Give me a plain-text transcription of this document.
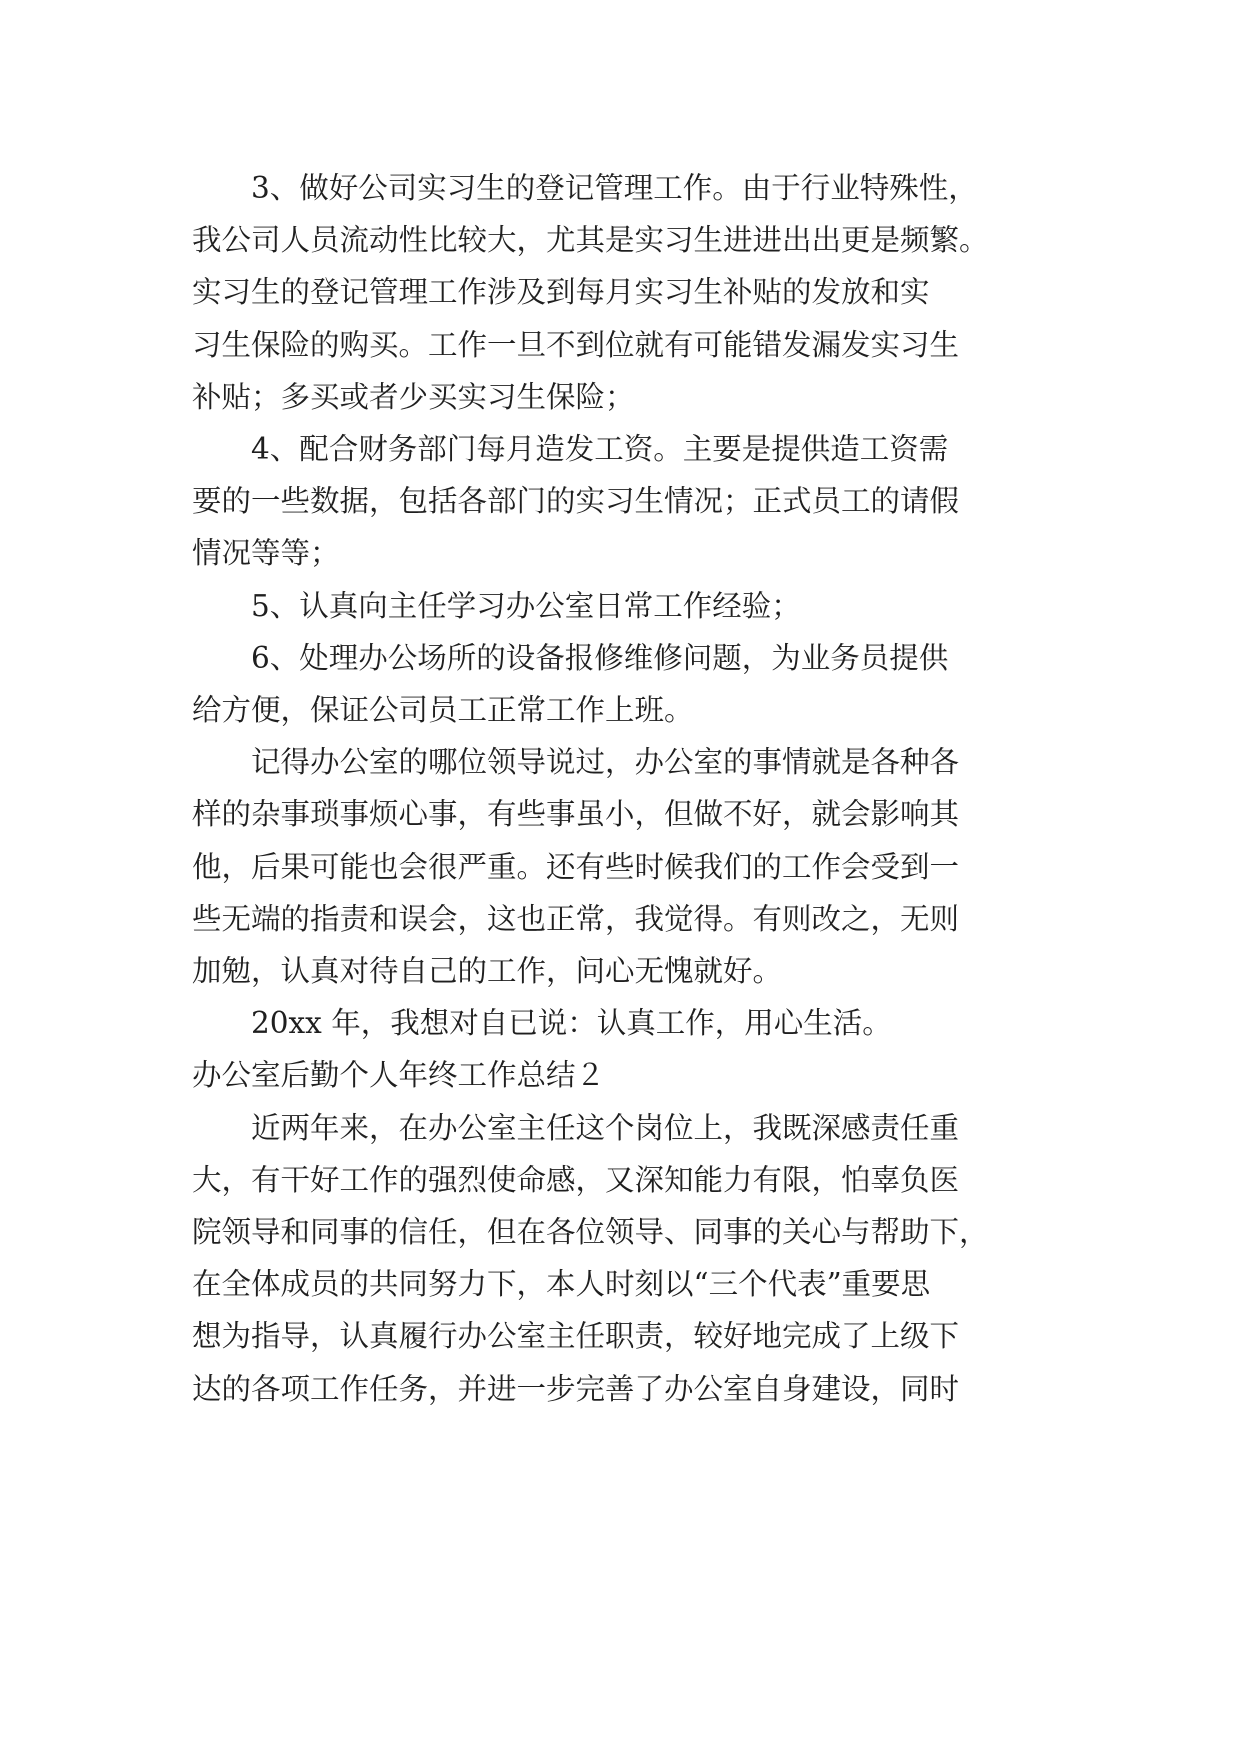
3、做好公司实习生的登记管理工作。由于行业特殊性，
我公司人员流动性比较大，尤其是实习生进进出出更是频繁。
实习生的登记管理工作涉及到每月实习生补贴的发放和实
习生保险的购买。工作一旦不到位就有可能错发漏发实习生
补贴；多买或者少买实习生保险；

4、配合财务部门每月造发工资。主要是提供造工资需
要的一些数据，包括各部门的实习生情况；正式员工的请假
情况等等；

5、认真向主任学习办公室日常工作经验；

6、处理办公场所的设备报修维修问题，为业务员提供
给方便，保证公司员工正常工作上班。

记得办公室的哪位领导说过，办公室的事情就是各种各
样的杂事琐事烦心事，有些事虽小，但做不好，就会影响其
他，后果可能也会很严重。还有些时候我们的工作会受到一
些无端的指责和误会，这也正常，我觉得。有则改之，无则
加勉，认真对待自己的工作，问心无愧就好。

20xx 年，我想对自已说：认真工作，用心生活。

办公室后勤个人年终工作总结２

近两年来，在办公室主任这个岗位上，我既深感责任重
大，有干好工作的强烈使命感，又深知能力有限，怕辜负医
院领导和同事的信任，但在各位领导、同事的关心与帮助下，
在全体成员的共同努力下，本人时刻以“三个代表”重要思
想为指导，认真履行办公室主任职责，较好地完成了上级下
达的各项工作任务，并进一步完善了办公室自身建设，同时
